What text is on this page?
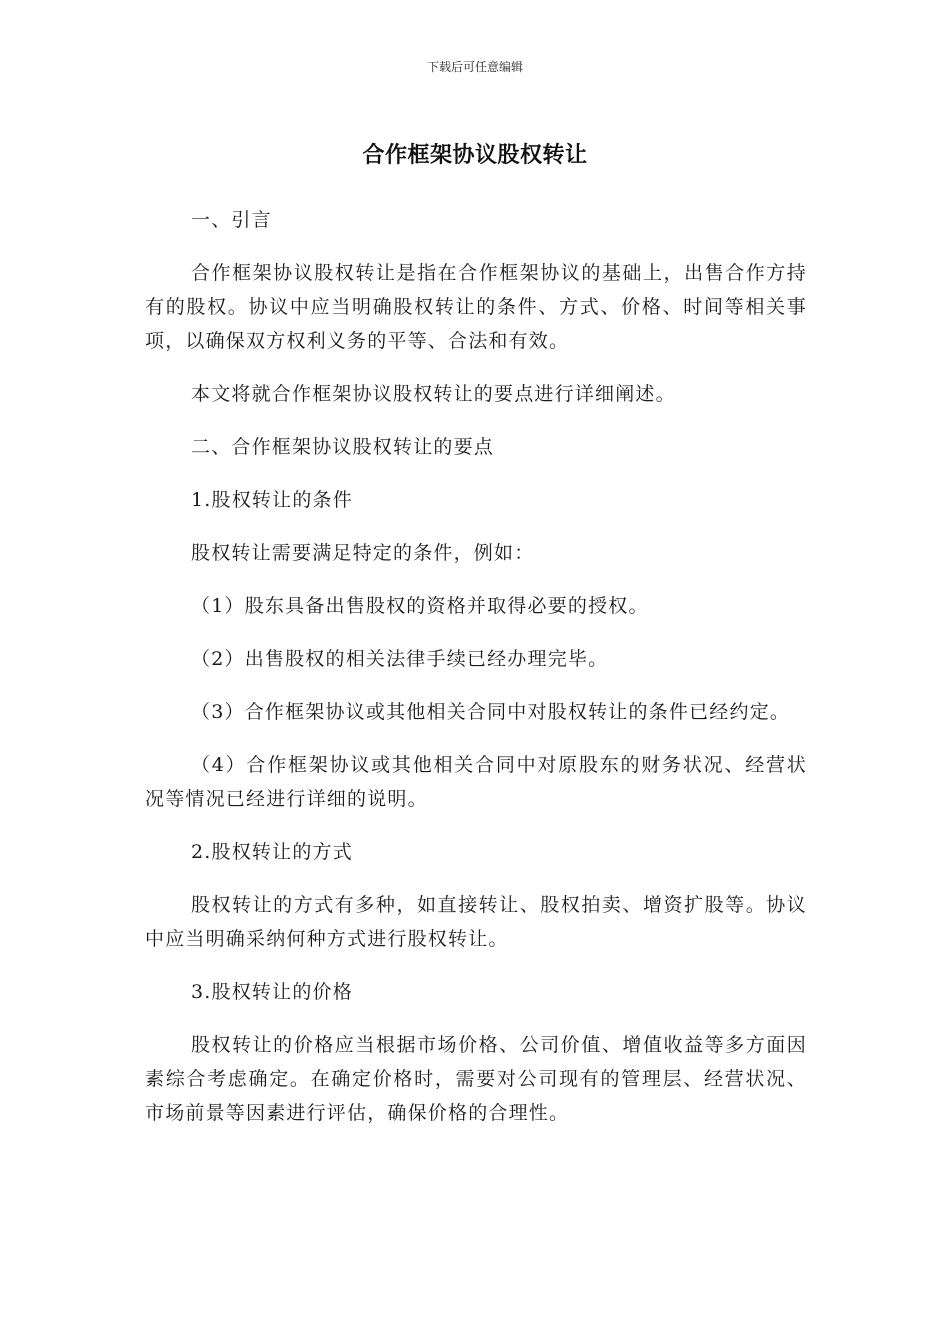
下载后可任意编辑
合作框架协议股权转让

一、引言

合作框架协议股权转让是指在合作框架协议的基础上，出售合作方持有的股权。协议中应当明确股权转让的条件、方式、价格、时间等相关事项，以确保双方权利义务的平等、合法和有效。

本文将就合作框架协议股权转让的要点进行详细阐述。

二、合作框架协议股权转让的要点

1.股权转让的条件

股权转让需要满足特定的条件，例如：

（1）股东具备出售股权的资格并取得必要的授权。

（2）出售股权的相关法律手续已经办理完毕。

（3）合作框架协议或其他相关合同中对股权转让的条件已经约定。

（4）合作框架协议或其他相关合同中对原股东的财务状况、经营状况等情况已经进行详细的说明。

2.股权转让的方式

股权转让的方式有多种，如直接转让、股权拍卖、增资扩股等。协议中应当明确采纳何种方式进行股权转让。

3.股权转让的价格

股权转让的价格应当根据市场价格、公司价值、增值收益等多方面因素综合考虑确定。在确定价格时，需要对公司现有的管理层、经营状况、市场前景等因素进行评估，确保价格的合理性。
